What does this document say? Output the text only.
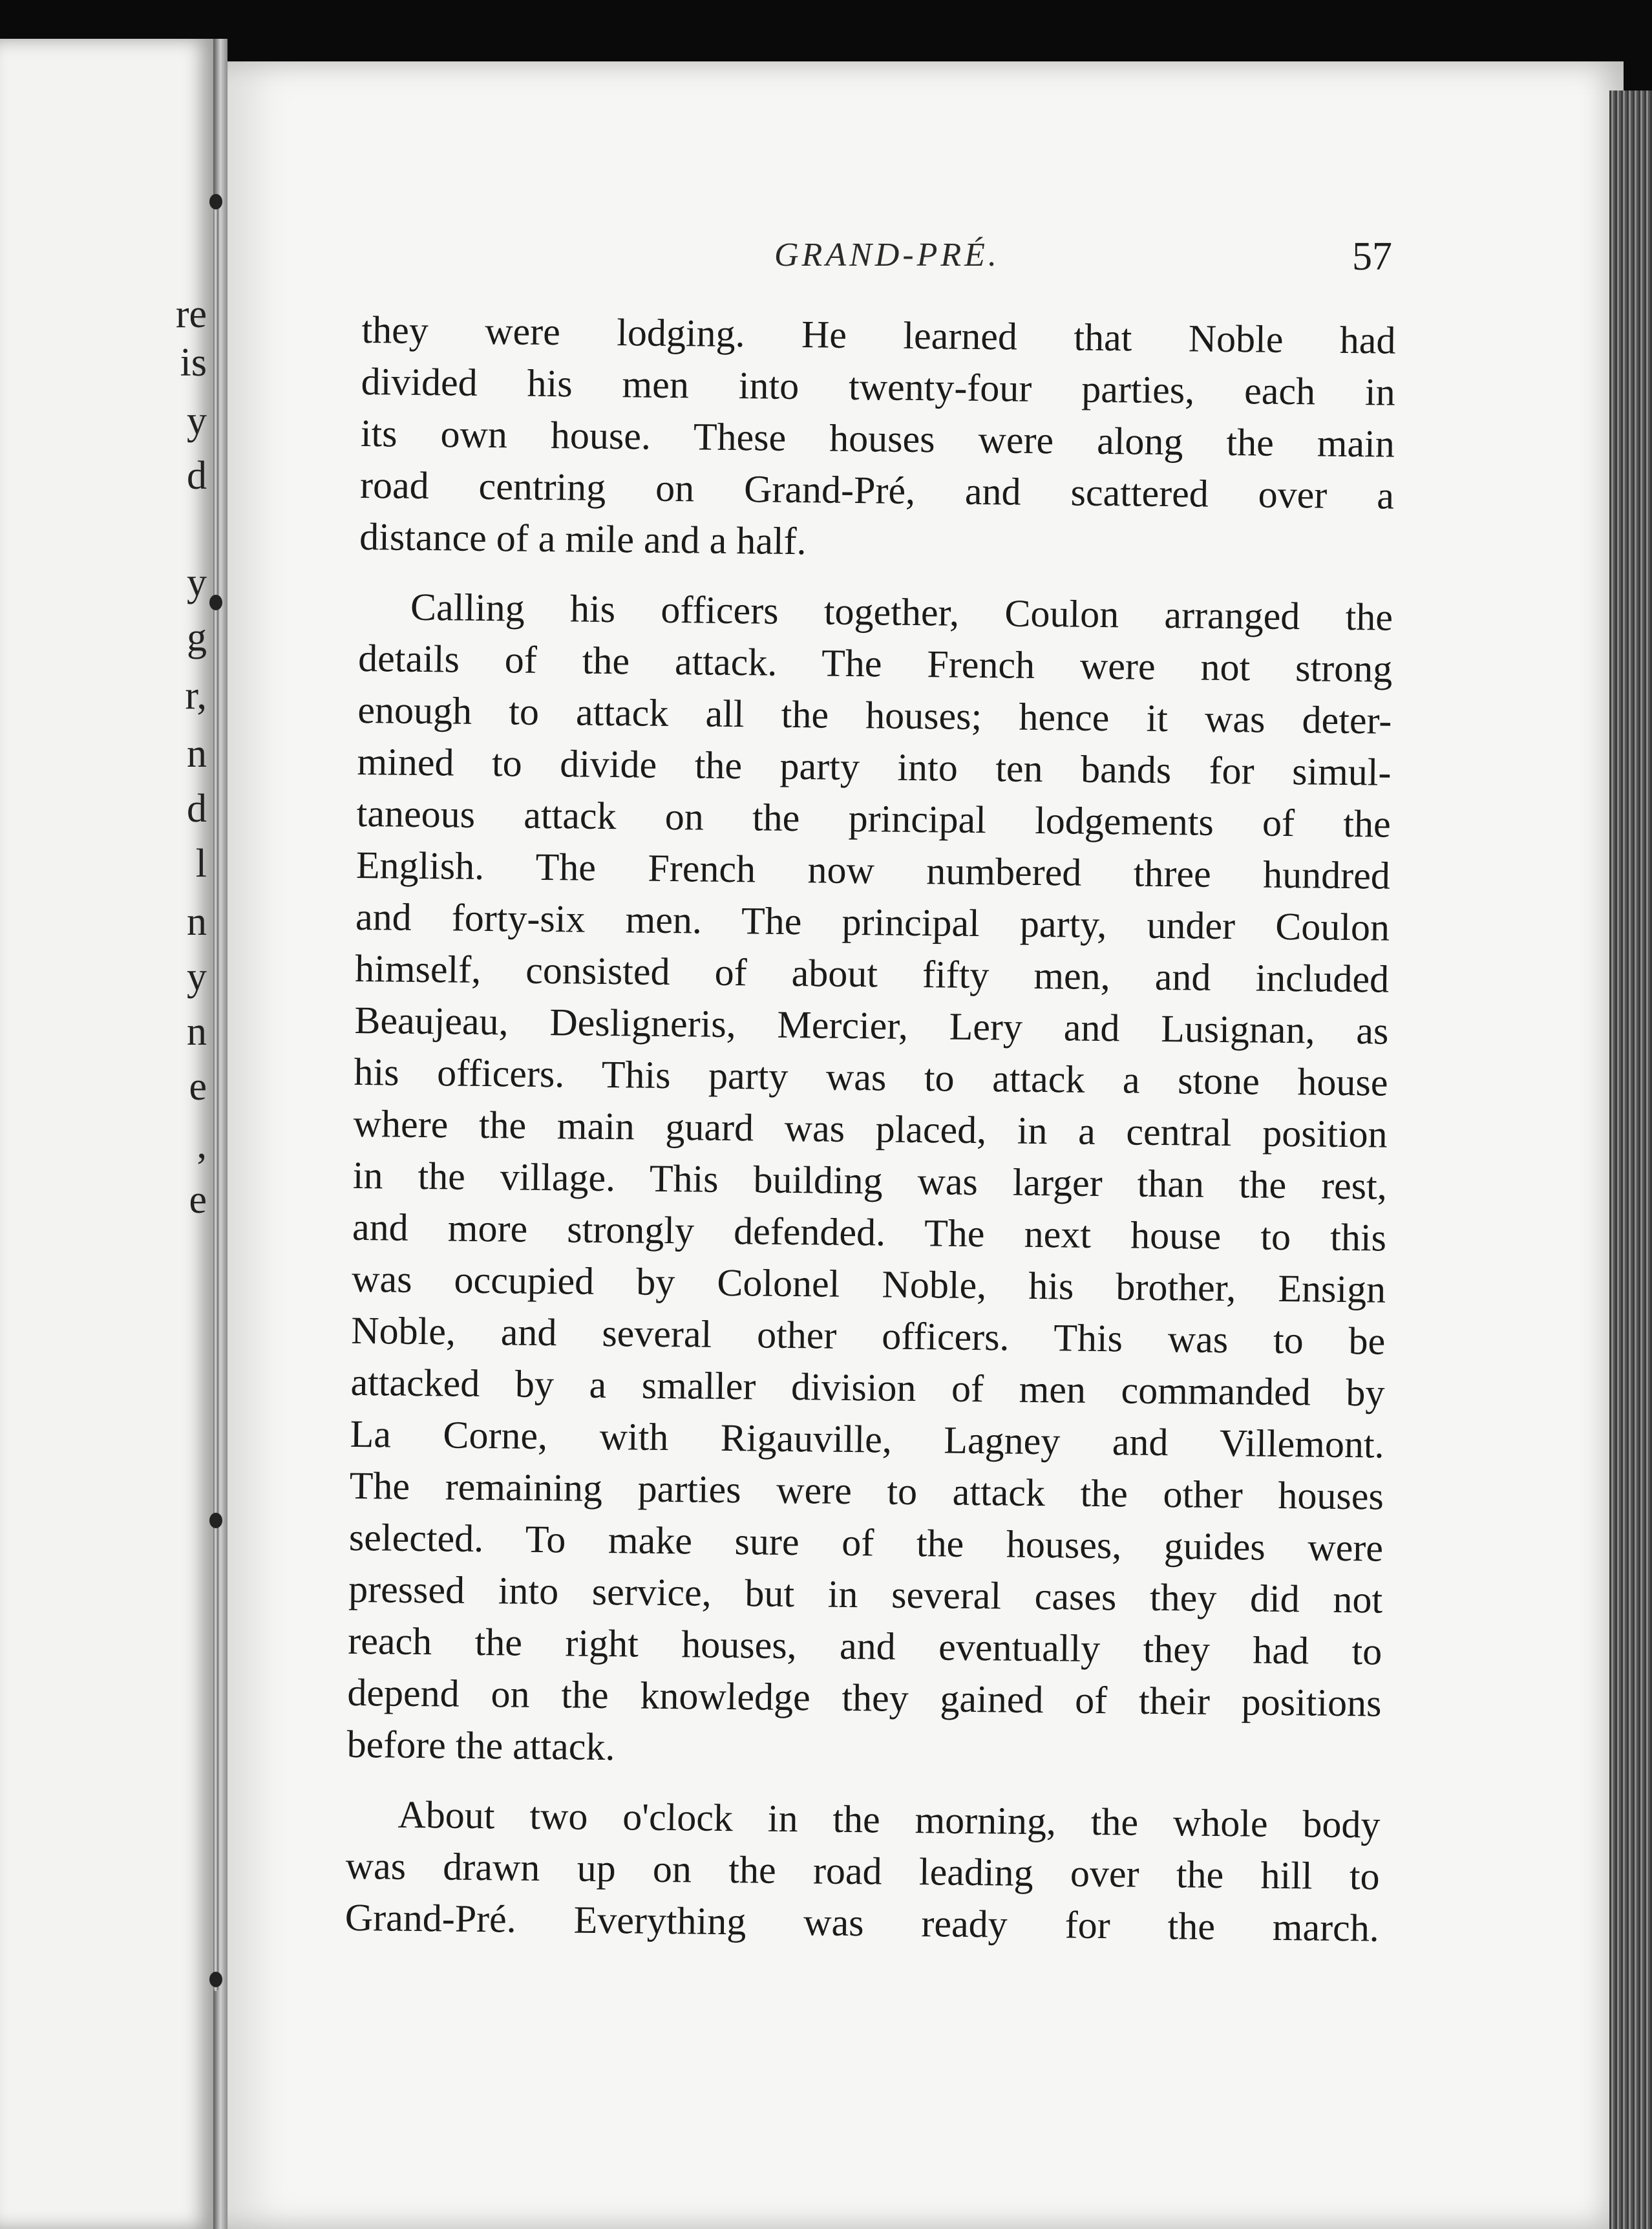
re
is
y
d
y
g
r,
n
d
l
n
y
n
e
,
e
GRAND-PRÉ.	57
they were lodging. He learned that Noble had
divided his men into twenty-four parties, each in
its own house. These houses were along the main
road centring on Grand-Pré, and scattered over a
distance of a mile and a half.
Calling his officers together, Coulon arranged the
details of the attack. The French were not strong
enough to attack all the houses; hence it was deter-
mined to divide the party into ten bands for simul-
taneous attack on the principal lodgements of the
English. The French now numbered three hundred
and forty-six men. The principal party, under Coulon
himself, consisted of about fifty men, and included
Beaujeau, Desligneris, Mercier, Lery and Lusignan, as
his officers. This party was to attack a stone house
where the main guard was placed, in a central position
in the village. This building was larger than the rest,
and more strongly defended. The next house to this
was occupied by Colonel Noble, his brother, Ensign
Noble, and several other officers. This was to be
attacked by a smaller division of men commanded by
La Corne, with Rigauville, Lagney and Villemont.
The remaining parties were to attack the other houses
selected. To make sure of the houses, guides were
pressed into service, but in several cases they did not
reach the right houses, and eventually they had to
depend on the knowledge they gained of their positions
before the attack.
About two o'clock in the morning, the whole body
was drawn up on the road leading over the hill to
Grand-Pré. Everything was ready for the march.
